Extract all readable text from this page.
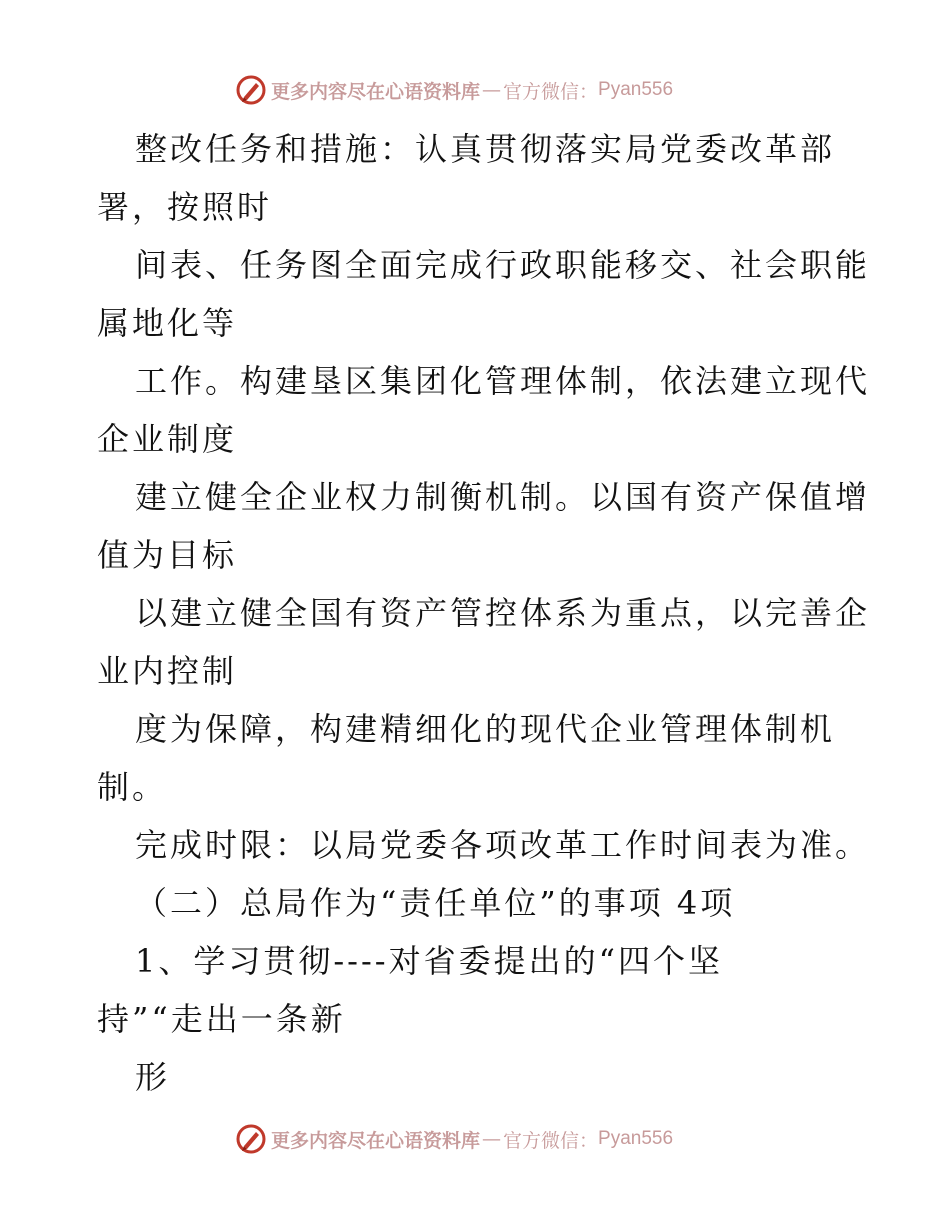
更多内容尽在心语资料库 — 官方微信： Pyan556
整改任务和措施：认真贯彻落实局党委改革部
署，按照时
间表、任务图全面完成行政职能移交、社会职能
属地化等
工作。构建垦区集团化管理体制，依法建立现代
企业制度
建立健全企业权力制衡机制。以国有资产保值增
值为目标
以建立健全国有资产管控体系为重点，以完善企
业内控制
度为保障，构建精细化的现代企业管理体制机
制。
完成时限：以局党委各项改革工作时间表为准。
（二）总局作为“责任单位”的事项 4项
1、学习贯彻----对省委提出的“四个坚
持”“走出一条新
形
更多内容尽在心语资料库 — 官方微信： Pyan556
